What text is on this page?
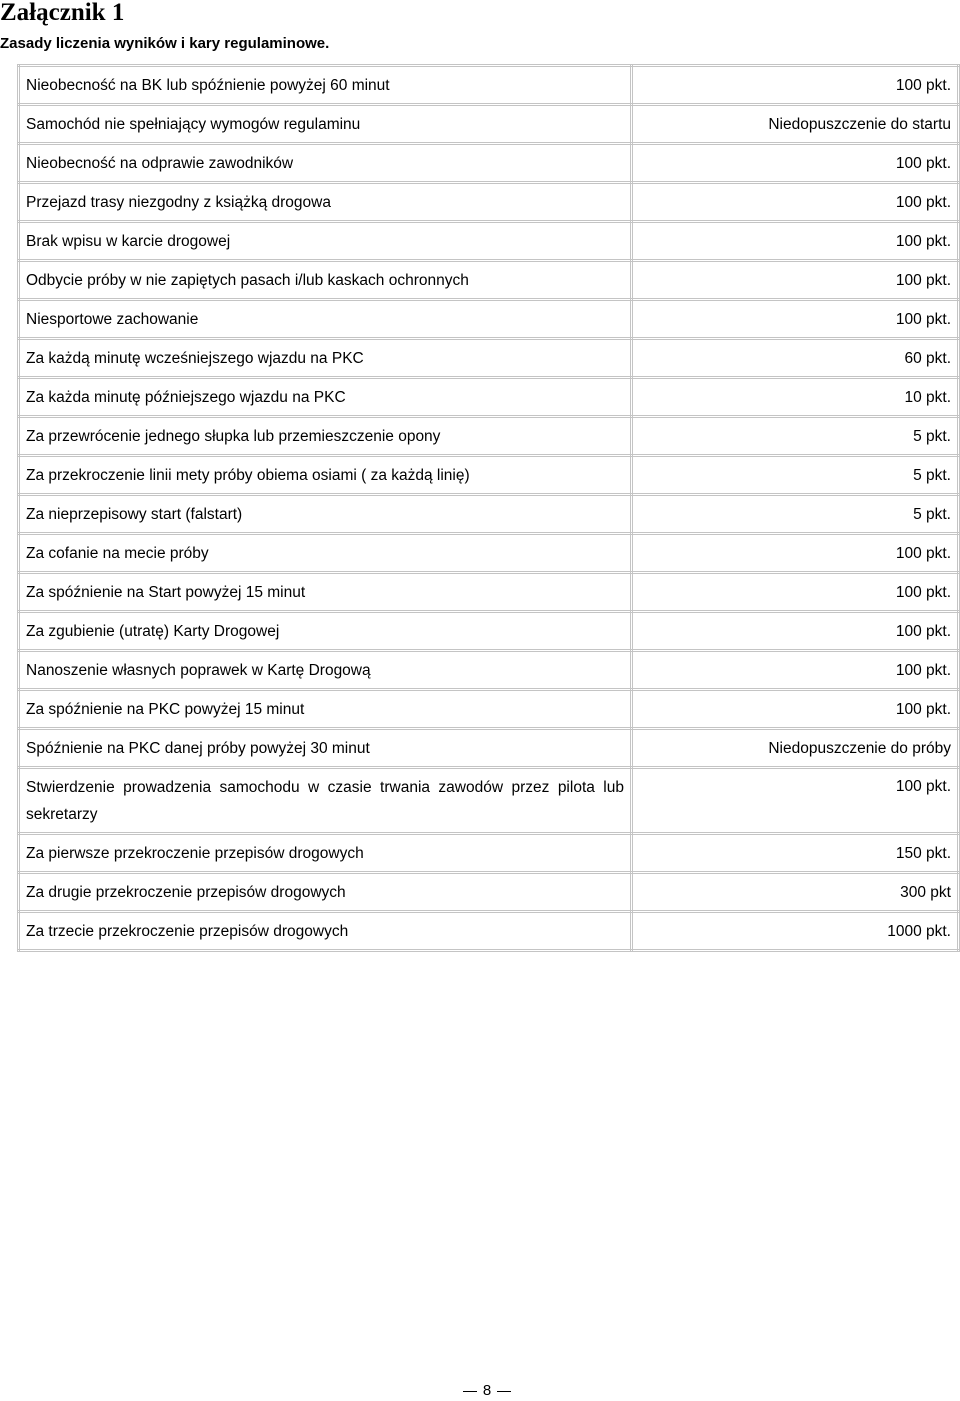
Załącznik 1
Zasady liczenia wyników i kary regulaminowe.
Nieobecność na BK lub spóźnienie powyżej 60 minut	100 pkt.
Samochód nie spełniający wymogów regulaminu	Niedopuszczenie do startu
Nieobecność na odprawie zawodników	100 pkt.
Przejazd trasy niezgodny z książką drogowa	100 pkt.
Brak wpisu w karcie drogowej	100 pkt.
Odbycie próby w nie zapiętych pasach i/lub kaskach ochronnych	100 pkt.
Niesportowe zachowanie	100 pkt.
Za każdą minutę wcześniejszego wjazdu na PKC	60 pkt.
Za każda minutę późniejszego wjazdu na PKC	10 pkt.
Za przewrócenie jednego słupka lub przemieszczenie opony	5 pkt.
Za przekroczenie linii mety próby obiema osiami ( za każdą linię)	5 pkt.
Za nieprzepisowy start (falstart)	5 pkt.
Za cofanie na mecie próby	100 pkt.
Za spóźnienie na Start powyżej 15 minut	100 pkt.
Za zgubienie (utratę) Karty Drogowej	100 pkt.
Nanoszenie własnych poprawek w Kartę Drogową	100 pkt.
Za spóźnienie na PKC powyżej 15 minut	100 pkt.
Spóźnienie na PKC danej próby powyżej 30 minut	Niedopuszczenie do próby
Stwierdzenie prowadzenia samochodu w czasie trwania zawodów przez pilota lub sekretarzy	100 pkt.
Za pierwsze przekroczenie przepisów drogowych	150 pkt.
Za drugie przekroczenie przepisów drogowych	300 pkt
Za trzecie przekroczenie przepisów drogowych	1000 pkt.
8
